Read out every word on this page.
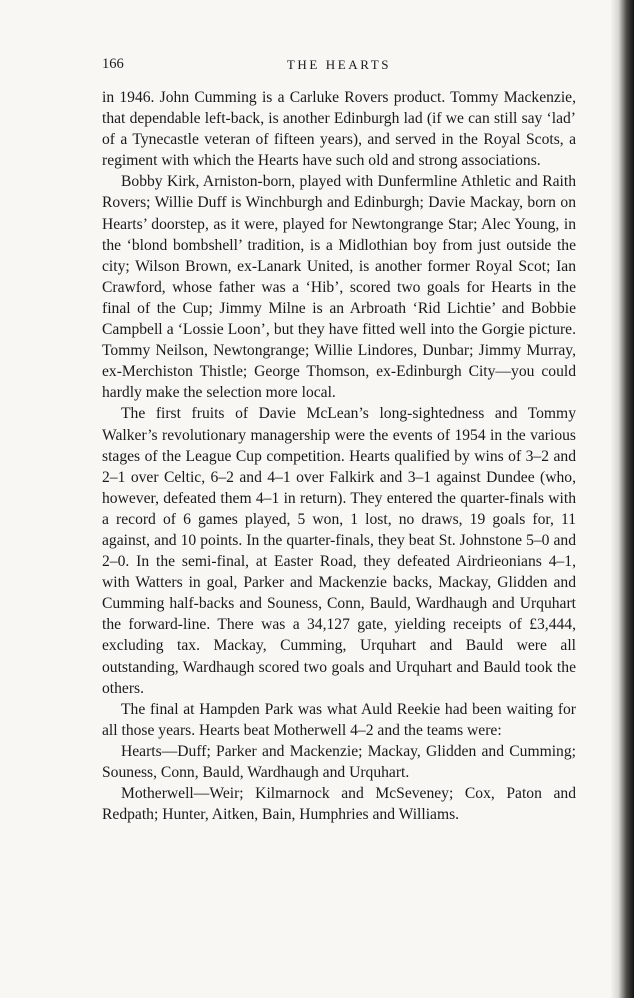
166	THE HEARTS

in 1946. John Cumming is a Carluke Rovers product. Tommy Mackenzie, that dependable left-back, is another Edinburgh lad (if we can still say ‘lad’ of a Tynecastle veteran of fifteen years), and served in the Royal Scots, a regiment with which the Hearts have such old and strong associations.

Bobby Kirk, Arniston-born, played with Dunfermline Athletic and Raith Rovers; Willie Duff is Winchburgh and Edinburgh; Davie Mackay, born on Hearts’ doorstep, as it were, played for Newtongrange Star; Alec Young, in the ‘blond bombshell’ tradition, is a Midlothian boy from just outside the city; Wilson Brown, ex-Lanark United, is another former Royal Scot; Ian Crawford, whose father was a ‘Hib’, scored two goals for Hearts in the final of the Cup; Jimmy Milne is an Arbroath ‘Rid Lichtie’ and Bobbie Campbell a ‘Lossie Loon’, but they have fitted well into the Gorgie picture. Tommy Neilson, Newtongrange; Willie Lindores, Dunbar; Jimmy Murray, ex-Merchiston Thistle; George Thomson, ex-Edinburgh City—you could hardly make the selection more local.

The first fruits of Davie McLean’s long-sightedness and Tommy Walker’s revolutionary managership were the events of 1954 in the various stages of the League Cup competition. Hearts qualified by wins of 3–2 and 2–1 over Celtic, 6–2 and 4–1 over Falkirk and 3–1 against Dundee (who, however, defeated them 4–1 in return). They entered the quarter-finals with a record of 6 games played, 5 won, 1 lost, no draws, 19 goals for, 11 against, and 10 points. In the quarter-finals, they beat St. Johnstone 5–0 and 2–0. In the semi-final, at Easter Road, they defeated Airdrieonians 4–1, with Watters in goal, Parker and Mackenzie backs, Mackay, Glidden and Cumming half-backs and Souness, Conn, Bauld, Wardhaugh and Urquhart the forward-line. There was a 34,127 gate, yielding receipts of £3,444, excluding tax. Mackay, Cumming, Urquhart and Bauld were all outstanding, Wardhaugh scored two goals and Urquhart and Bauld took the others.

The final at Hampden Park was what Auld Reekie had been waiting for all those years. Hearts beat Motherwell 4–2 and the teams were:

Hearts—Duff; Parker and Mackenzie; Mackay, Glidden and Cumming; Souness, Conn, Bauld, Wardhaugh and Urquhart.

Motherwell—Weir; Kilmarnock and McSeveney; Cox, Paton and Redpath; Hunter, Aitken, Bain, Humphries and Williams.
